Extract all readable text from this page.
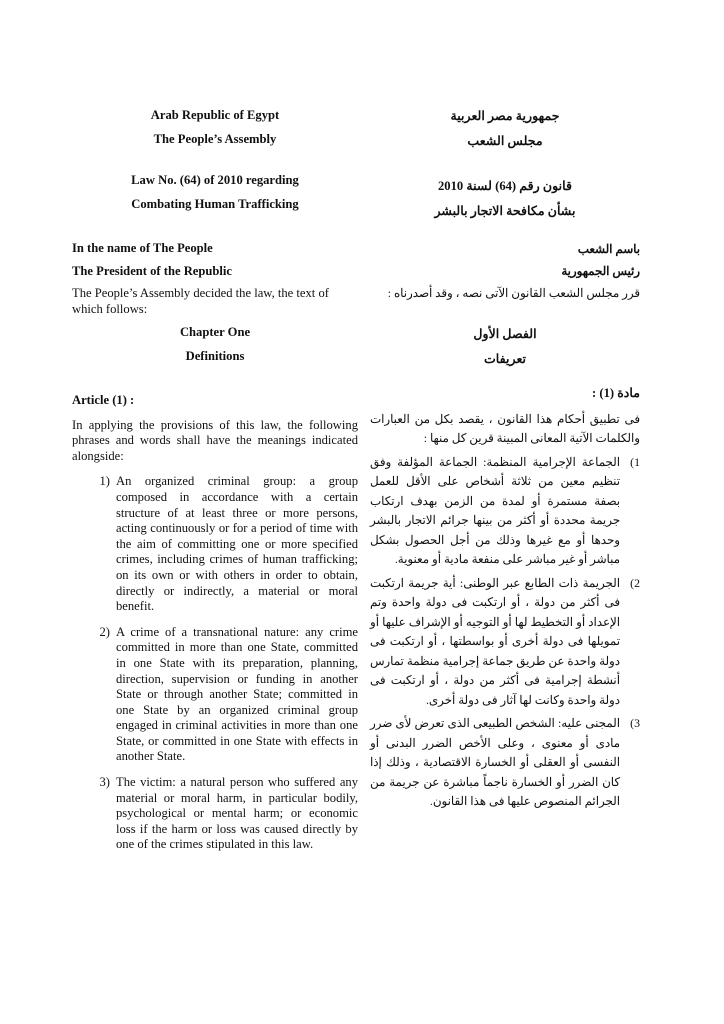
Arab Republic of Egypt
The People’s Assembly
Law No. (64) of 2010 regarding
Combating Human Trafficking
جمهورية مصر العربية
مجلس الشعب
قانون رقم (64) لسنة 2010
بشأن مكافحة الاتجار بالبشر
In the name of The People
The President of the Republic
The People’s Assembly decided the law, the text of which follows:
باسم الشعب
رئيس الجمهورية
قرر مجلس الشعب القانون الآتى نصه ، وقد أصدرناه :
Chapter One
Definitions
الفصل الأول
تعريفات
Article (1) :
In applying the provisions of this law, the following phrases and words shall have the meanings indicated alongside:
1) An organized criminal group: a group composed in accordance with a certain structure of at least three or more persons, acting continuously or for a period of time with the aim of committing one or more specified crimes, including crimes of human trafficking; on its own or with others in order to obtain, directly or indirectly, a material or moral benefit.
2) A crime of a transnational nature: any crime committed in more than one State, committed in one State with its preparation, planning, direction, supervision or funding in another State or through another State; committed in one State by an organized criminal group engaged in criminal activities in more than one State, or committed in one State with effects in another State.
3) The victim: a natural person who suffered any material or moral harm, in particular bodily, psychological or mental harm; or economic loss if the harm or loss was caused directly by one of the crimes stipulated in this law.
مادة (1) :
فى تطبيق أحكام هذا القانون ، يقصد بكل من العبارات والكلمات الآتية المعانى المبينة قرين كل منها :
1)
الجماعة الإجرامية المنظمة: الجماعة المؤلفة وفق تنظيم معين من ثلاثة أشخاص على الأقل للعمل بصفة مستمرة أو لمدة من الزمن بهدف ارتكاب جريمة محددة أو أكثر من بينها جرائم الاتجار بالبشر وحدها أو مع غيرها وذلك من أجل الحصول بشكل مباشر أو غير مباشر على منفعة مادية أو معنوية.
2)
الجريمة ذات الطابع عبر الوطنى: أية جريمة ارتكبت فى أكثر من دولة ، أو ارتكبت فى دولة واحدة وتم الإعداد أو التخطيط لها أو التوجيه أو الإشراف عليها أو تمويلها فى دولة أخرى أو بواسطتها ، أو ارتكبت فى دولة واحدة عن طريق جماعة إجرامية منظمة تمارس أنشطة إجرامية فى أكثر من دولة ، أو ارتكبت فى دولة واحدة وكانت لها آثار فى دولة أخرى.
3)
المجنى عليه: الشخص الطبيعى الذى تعرض لأى ضرر مادى أو معنوى ، وعلى الأخص الضرر البدنى أو النفسى أو العقلى أو الخسارة الاقتصادية ، وذلك إذا كان الضرر أو الخسارة ناجماً مباشرة عن جريمة من الجرائم المنصوص عليها فى هذا القانون.
